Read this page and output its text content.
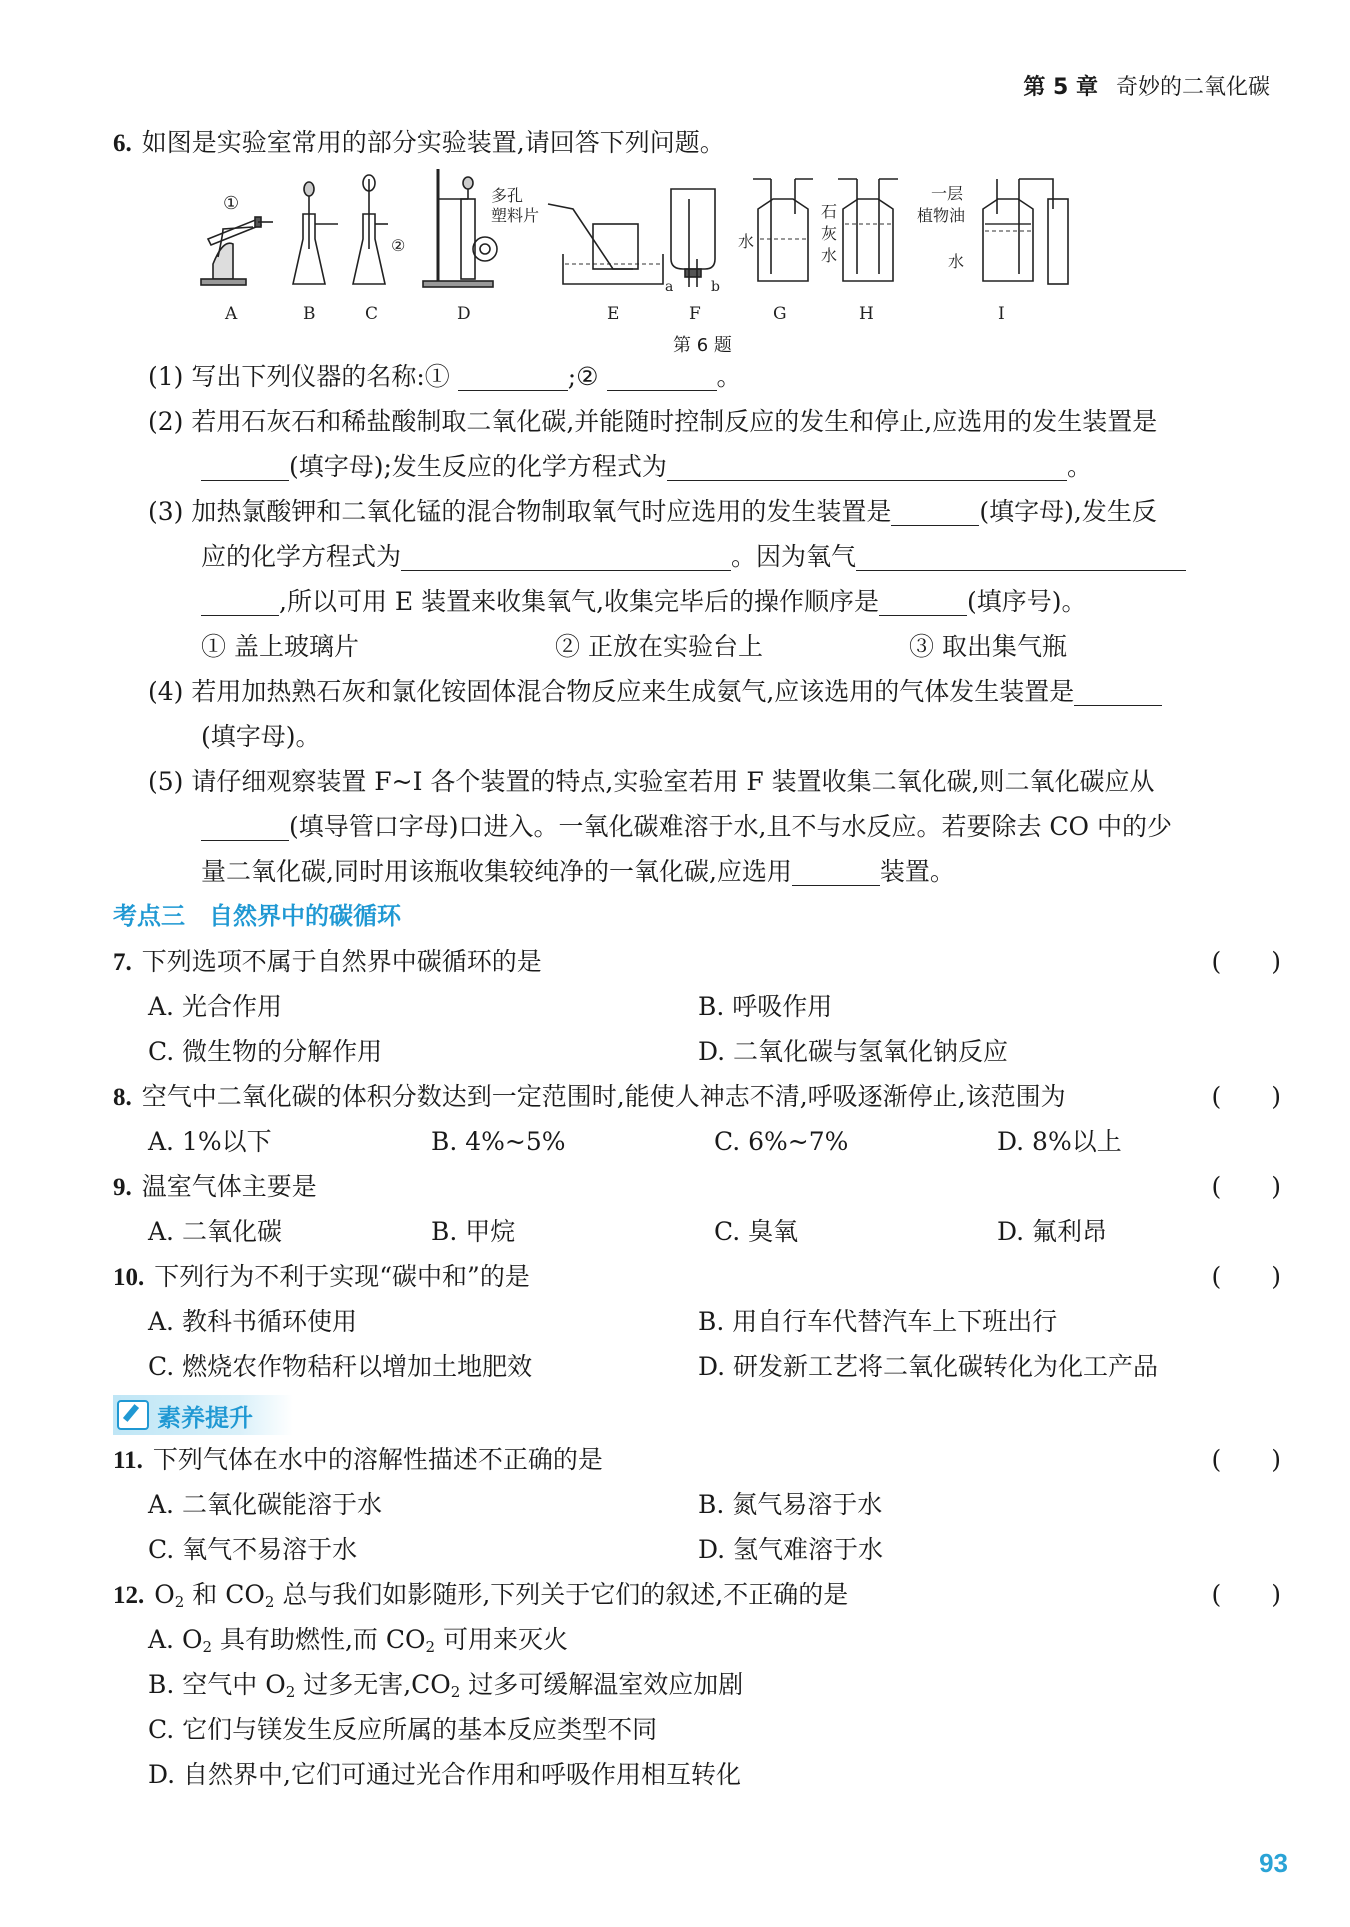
第 5 章 奇妙的二氧化碳
6. 如图是实验室常用的部分实验装置,请回答下列问题。
①
A	B
②
C
多孔
塑料片
D	E
a	b
F
水
G
石
灰
水
H
一层
植物油
水
I
第 6 题
(1) 写出下列仪器的名称:①	;②	。
(2) 若用石灰石和稀盐酸制取二氧化碳,并能随时控制反应的发生和停止,应选用的发生装置是
(填字母);发生反应的化学方程式为	。
(3) 加热氯酸钾和二氧化锰的混合物制取氧气时应选用的发生装置是	(填字母),发生反
应的化学方程式为	。因为氧气
,所以可用 E 装置来收集氧气,收集完毕后的操作顺序是	(填序号)。
① 盖上玻璃片	② 正放在实验台上	③ 取出集气瓶
(4) 若用加热熟石灰和氯化铵固体混合物反应来生成氨气,应该选用的气体发生装置是
(填字母)。
(5) 请仔细观察装置 F~I 各个装置的特点,实验室若用 F 装置收集二氧化碳,则二氧化碳应从
(填导管口字母)口进入。一氧化碳难溶于水,且不与水反应。若要除去 CO 中的少
量二氧化碳,同时用该瓶收集较纯净的一氧化碳,应选用	装置。
考点三　自然界中的碳循环
7. 下列选项不属于自然界中碳循环的是	(　　)
A. 光合作用	B. 呼吸作用
C. 微生物的分解作用	D. 二氧化碳与氢氧化钠反应
8. 空气中二氧化碳的体积分数达到一定范围时,能使人神志不清,呼吸逐渐停止,该范围为	(　　)
A. 1%以下	B. 4%~5%	C. 6%~7%	D. 8%以上
9. 温室气体主要是	(　　)
A. 二氧化碳	B. 甲烷	C. 臭氧	D. 氟利昂
10. 下列行为不利于实现“碳中和”的是	(　　)
A. 教科书循环使用	B. 用自行车代替汽车上下班出行
C. 燃烧农作物秸秆以增加土地肥效	D. 研发新工艺将二氧化碳转化为化工产品
素养提升
11. 下列气体在水中的溶解性描述不正确的是	(　　)
A. 二氧化碳能溶于水	B. 氮气易溶于水
C. 氧气不易溶于水	D. 氢气难溶于水
12. $O_2$ 和 $CO_2$ 总与我们如影随形,下列关于它们的叙述,不正确的是	(　　)
A. $O_2$ 具有助燃性,而 $CO_2$ 可用来灭火
B. 空气中 $O_2$ 过多无害$,CO_2$ 过多可缓解温室效应加剧
C. 它们与镁发生反应所属的基本反应类型不同
D. 自然界中,它们可通过光合作用和呼吸作用相互转化
93
